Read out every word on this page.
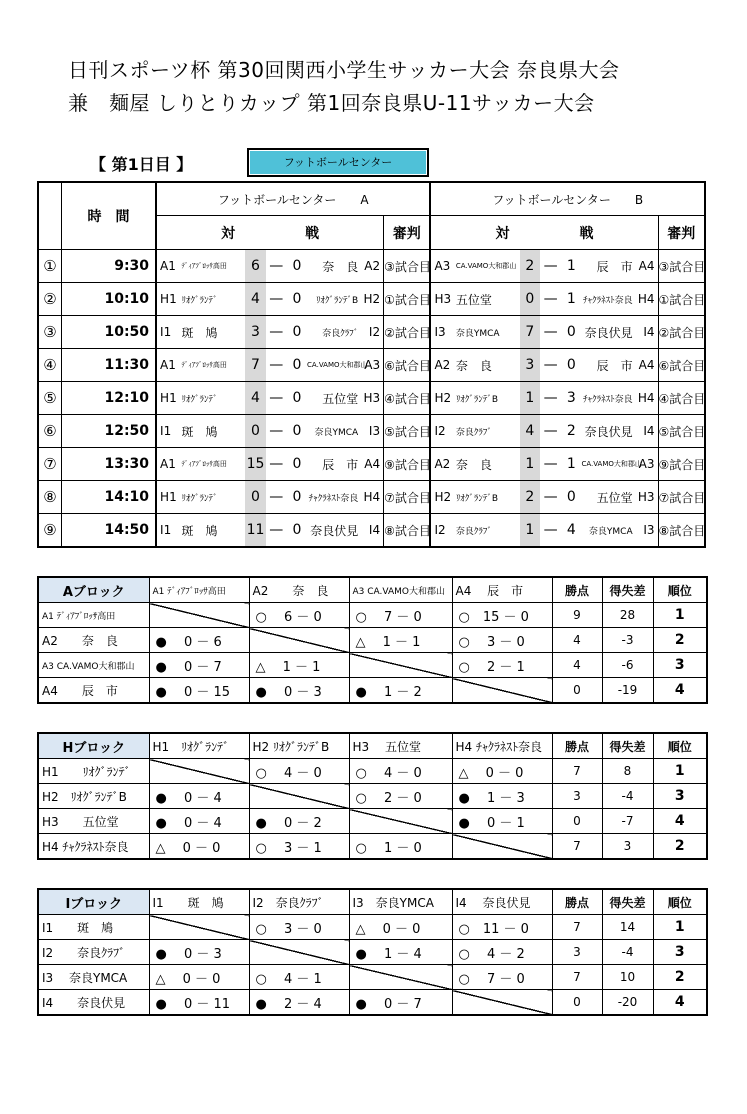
日刊スポーツ杯 第30回関西小学生サッカー大会 奈良県大会
兼　麺屋 しりとりカップ 第1回奈良県U-11サッカー大会
【 第1日目 】	フットボールセンター
	時　間	フットボールセンター　　A								フットボールセンター　　B							
		対　　　　　戦							審判	対　　　　　戦							審判
①	9:30	A1	ﾃﾞｨｱﾌﾞﾛｯｻ高田	6	—	0	奈　良	A2	③試合目	A3	CA.VAMO大和郡山	2	—	1	辰　市	A4	③試合目
②	10:10	H1	ﾘｵｸﾞﾗﾝﾃﾞ	4	—	0	ﾘｵｸﾞﾗﾝﾃﾞB	H2	①試合目	H3	五位堂	0	—	1	ﾁｬｸﾗﾈｽﾄ奈良	H4	①試合目
③	10:50	I1	斑　鳩	3	—	0	奈良ｸﾗﾌﾞ	I2	②試合目	I3	奈良YMCA	7	—	0	奈良伏見	I4	②試合目
④	11:30	A1	ﾃﾞｨｱﾌﾞﾛｯｻ高田	7	—	0	CA.VAMO大和郡山	A3	⑥試合目	A2	奈　良	3	—	0	辰　市	A4	⑥試合目
⑤	12:10	H1	ﾘｵｸﾞﾗﾝﾃﾞ	4	—	0	五位堂	H3	④試合目	H2	ﾘｵｸﾞﾗﾝﾃﾞB	1	—	3	ﾁｬｸﾗﾈｽﾄ奈良	H4	④試合目
⑥	12:50	I1	斑　鳩	0	—	0	奈良YMCA	I3	⑤試合目	I2	奈良ｸﾗﾌﾞ	4	—	2	奈良伏見	I4	⑤試合目
⑦	13:30	A1	ﾃﾞｨｱﾌﾞﾛｯｻ高田	15	—	0	辰　市	A4	⑨試合目	A2	奈　良	1	—	1	CA.VAMO大和郡山	A3	⑨試合目
⑧	14:10	H1	ﾘｵｸﾞﾗﾝﾃﾞ	0	—	0	ﾁｬｸﾗﾈｽﾄ奈良	H4	⑦試合目	H2	ﾘｵｸﾞﾗﾝﾃﾞB	2	—	0	五位堂	H3	⑦試合目
⑨	14:50	I1	斑　鳩	11	—	0	奈良伏見	I4	⑧試合目	I2	奈良ｸﾗﾌﾞ	1	—	4	奈良YMCA	I3	⑧試合目
Aブロック	A1 ﾃﾞｨｱﾌﾞﾛｯｻ高田	A2　　奈　良	A3 CA.VAMO大和郡山	A4　 辰　市	勝点	得失差	順位
A1 ﾃﾞｨｱﾌﾞﾛｯｻ高田		○　 6 － 0	○　 7 － 0	○　15 － 0	9	28	1
A2　　奈　良	●　 0 － 6		△　 1 － 1	○　 3 － 0	4	-3	2
A3 CA.VAMO大和郡山	●　 0 － 7	△　 1 － 1		○　 2 － 1	4	-6	3
A4　　辰　市	●　 0 － 15	●　 0 － 3	●　 1 － 2		0	-19	4
Hブロック	H1　ﾘｵｸﾞﾗﾝﾃﾞ	H2 ﾘｵｸﾞﾗﾝﾃﾞB	H3　 五位堂	H4 ﾁｬｸﾗﾈｽﾄ奈良	勝点	得失差	順位
H1　　ﾘｵｸﾞﾗﾝﾃﾞ		○　 4 － 0	○　 4 － 0	△　 0 － 0	7	8	1
H2　ﾘｵｸﾞﾗﾝﾃﾞB	●　 0 － 4		○　 2 － 0	●　 1 － 3	3	-4	3
H3　　五位堂	●　 0 － 4	●　 0 － 2		●　 0 － 1	0	-7	4
H4 ﾁｬｸﾗﾈｽﾄ奈良	△　 0 － 0	○　 3 － 1	○　 1 － 0		7	3	2
Iブロック	I1　　斑　鳩	I2　奈良ｸﾗﾌﾞ	I3　奈良YMCA	I4　 奈良伏見	勝点	得失差	順位
I1　　斑　鳩		○　 3 － 0	△　 0 － 0	○　11 － 0	7	14	1
I2　　奈良ｸﾗﾌﾞ	●　 0 － 3		●　 1 － 4	○　 4 － 2	3	-4	3
I3　 奈良YMCA	△　 0 － 0	○　 4 － 1		○　 7 － 0	7	10	2
I4　　奈良伏見	●　 0 － 11	●　 2 － 4	●　 0 － 7		0	-20	4
